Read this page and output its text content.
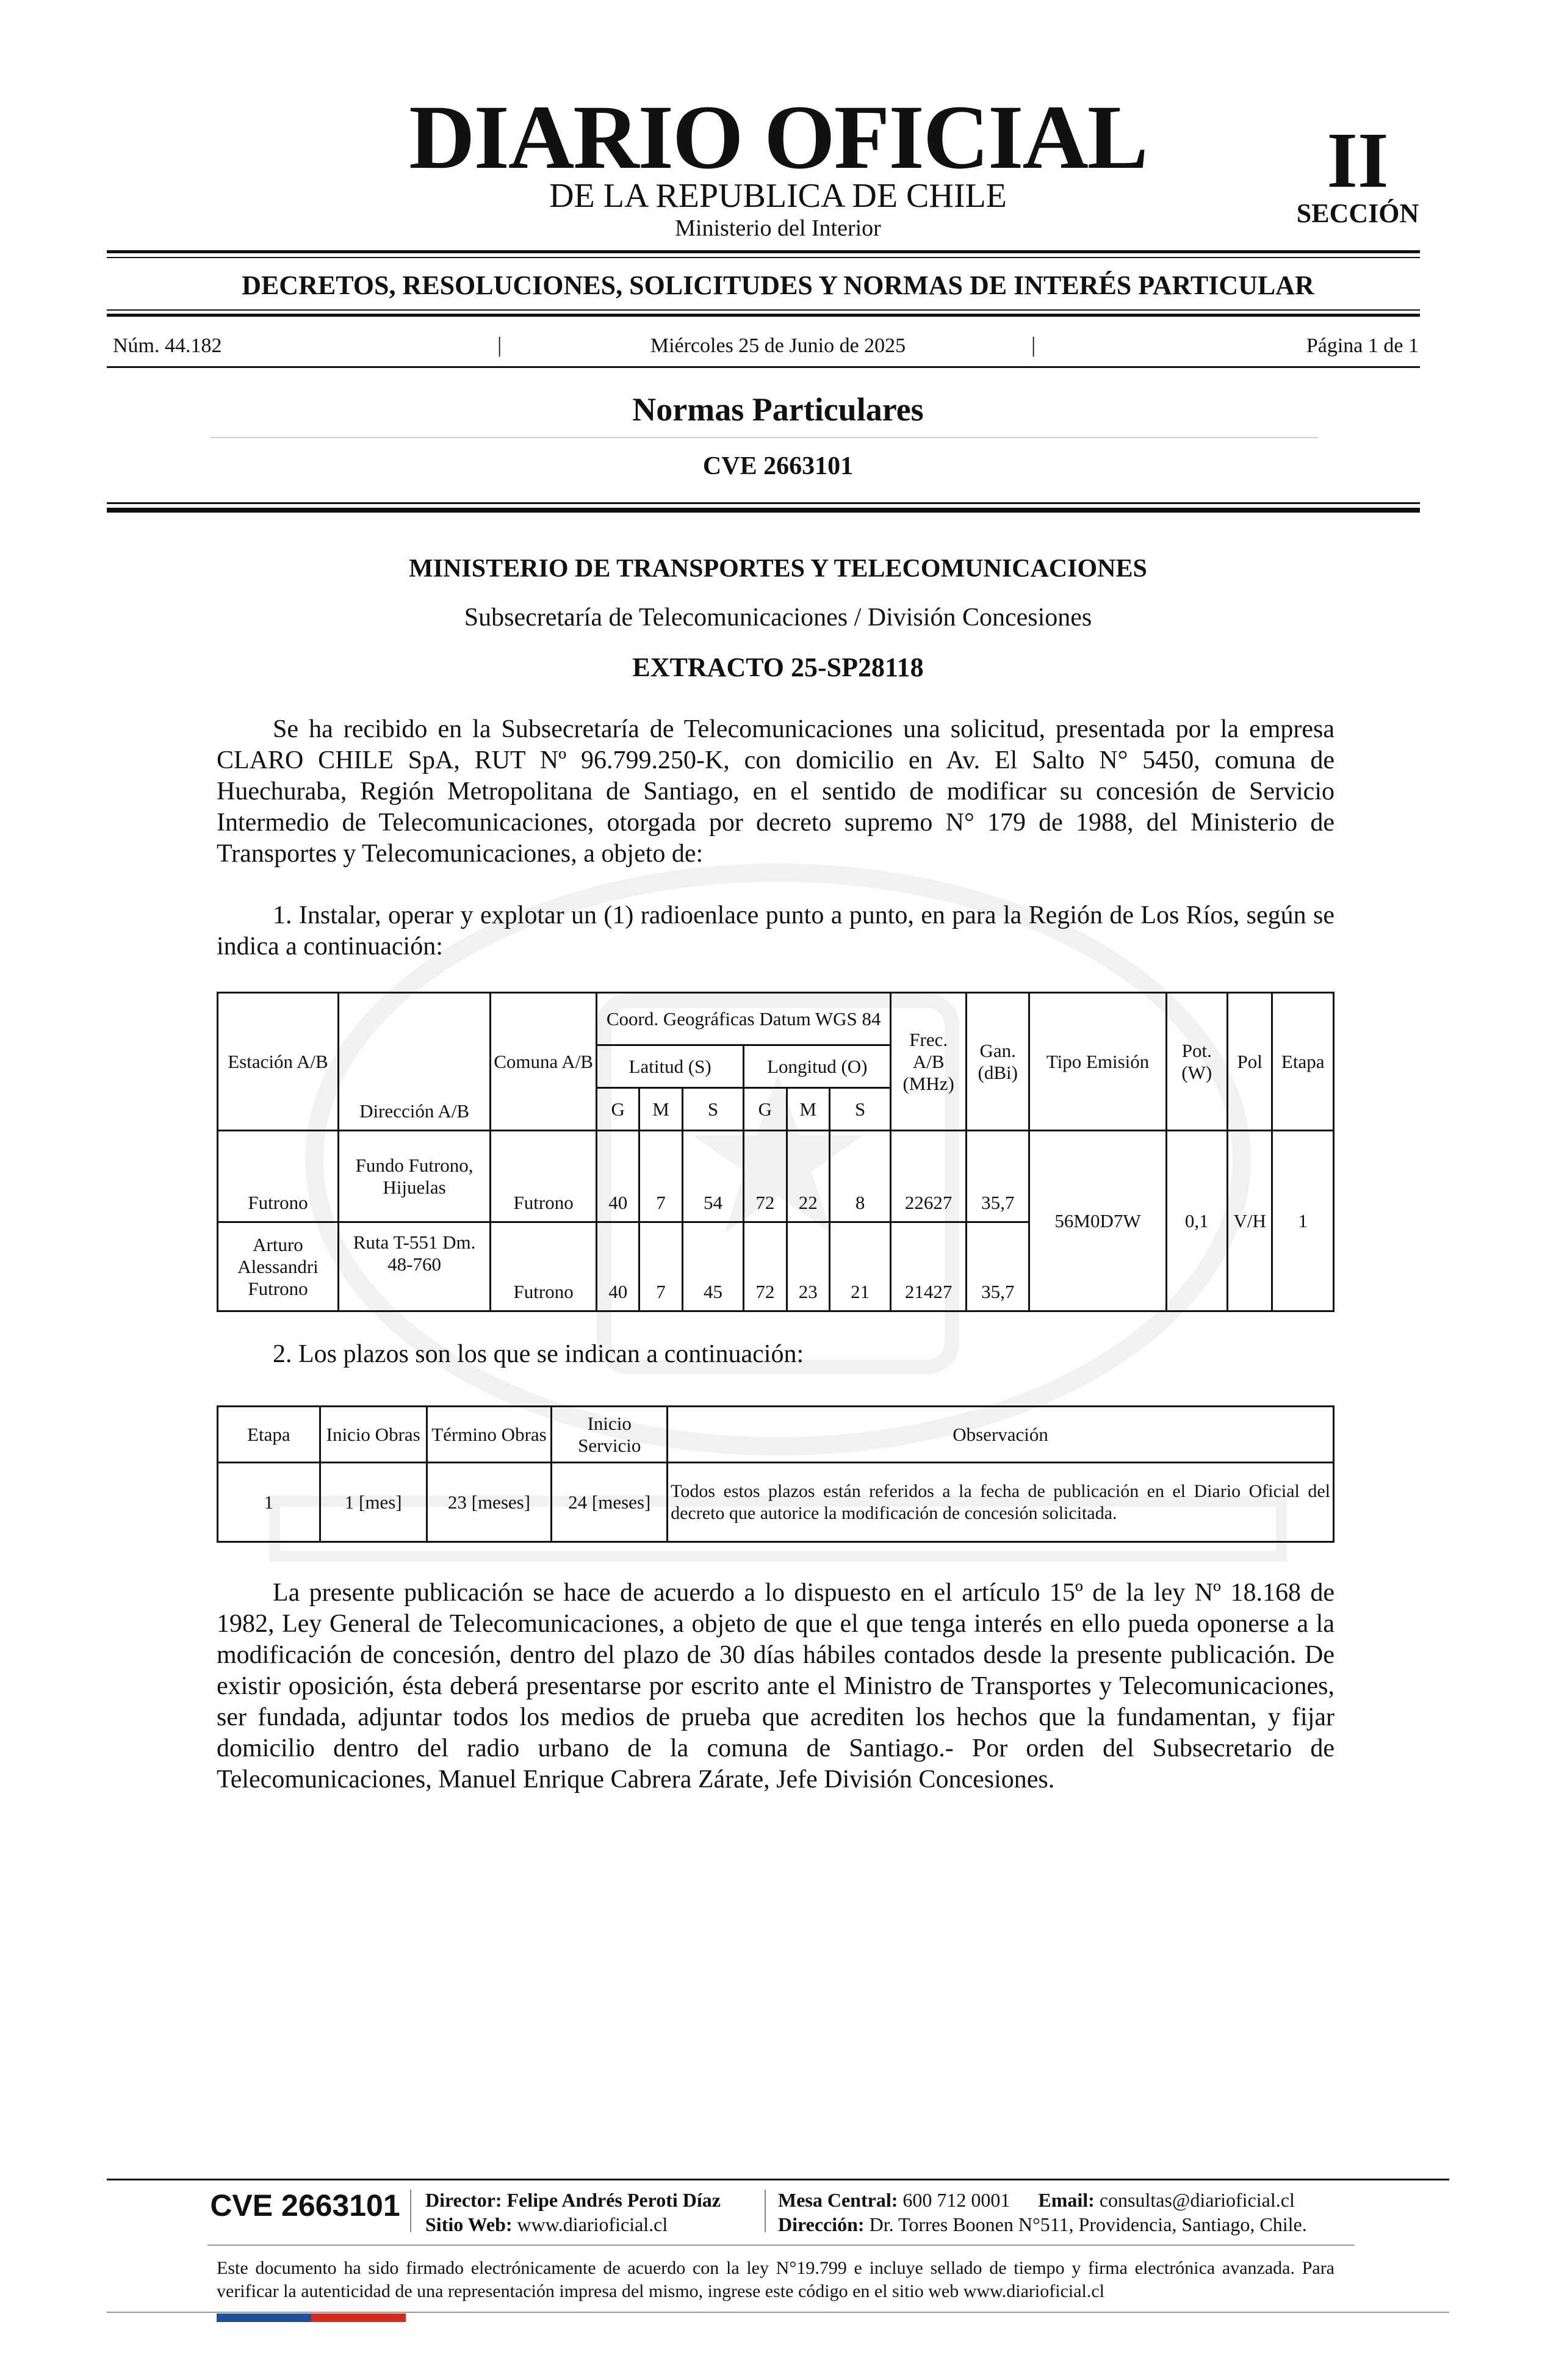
DIARIO OFICIAL
DE LA REPUBLICA DE CHILE
Ministerio del Interior
II
SECCIÓN
DECRETOS, RESOLUCIONES, SOLICITUDES Y NORMAS DE INTERÉS PARTICULAR
Núm. 44.182	|	Miércoles 25 de Junio de 2025	|	Página 1 de 1
Normas Particulares
CVE 2663101
MINISTERIO DE TRANSPORTES Y TELECOMUNICACIONES
Subsecretaría de Telecomunicaciones / División Concesiones
EXTRACTO 25-SP28118
Se ha recibido en la Subsecretaría de Telecomunicaciones una solicitud, presentada por la empresa CLARO CHILE SpA, RUT Nº 96.799.250-K, con domicilio en Av. El Salto N° 5450, comuna de Huechuraba, Región Metropolitana de Santiago, en el sentido de modificar su concesión de Servicio Intermedio de Telecomunicaciones, otorgada por decreto supremo N° 179 de 1988, del Ministerio de Transportes y Telecomunicaciones, a objeto de:
1. Instalar, operar y explotar un (1) radioenlace punto a punto, en para la Región de Los Ríos, según se indica a continuación:
Estación A/B	Dirección A/B	Comuna A/B	Coord. Geográficas Datum WGS 84						Frec. A/B (MHz)	Gan. (dBi)	Tipo Emisión	Pot. (W)	Pol	Etapa
			Latitud (S)			Longitud (O)								
			G	M	S	G	M	S						
Futrono	Fundo Futrono, Hijuelas	Futrono	40	7	54	72	22	8	22627	35,7	56M0D7W	0,1	V/H	1
Arturo Alessandri Futrono	Ruta T-551 Dm. 48-760	Futrono	40	7	45	72	23	21	21427	35,7				
2. Los plazos son los que se indican a continuación:
Etapa	Inicio Obras	Término Obras	Inicio Servicio	Observación
1	1 [mes]	23 [meses]	24 [meses]	Todos estos plazos están referidos a la fecha de publicación en el Diario Oficial del decreto que autorice la modificación de concesión solicitada.
La presente publicación se hace de acuerdo a lo dispuesto en el artículo 15º de la ley Nº 18.168 de 1982, Ley General de Telecomunicaciones, a objeto de que el que tenga interés en ello pueda oponerse a la modificación de concesión, dentro del plazo de 30 días hábiles contados desde la presente publicación. De existir oposición, ésta deberá presentarse por escrito ante el Ministro de Transportes y Telecomunicaciones, ser fundada, adjuntar todos los medios de prueba que acrediten los hechos que la fundamentan, y fijar domicilio dentro del radio urbano de la comuna de Santiago.- Por orden del Subsecretario de Telecomunicaciones, Manuel Enrique Cabrera Zárate, Jefe División Concesiones.
CVE 2663101 Director: Felipe Andrés Peroti Díaz
Sitio Web: www.diarioficial.cl
Mesa Central: 600 712 0001 Email: consultas@diarioficial.cl
Dirección: Dr. Torres Boonen N°511, Providencia, Santiago, Chile.
Este documento ha sido firmado electrónicamente de acuerdo con la ley N°19.799 e incluye sellado de tiempo y firma electrónica avanzada. Para verificar la autenticidad de una representación impresa del mismo, ingrese este código en el sitio web www.diarioficial.cl
